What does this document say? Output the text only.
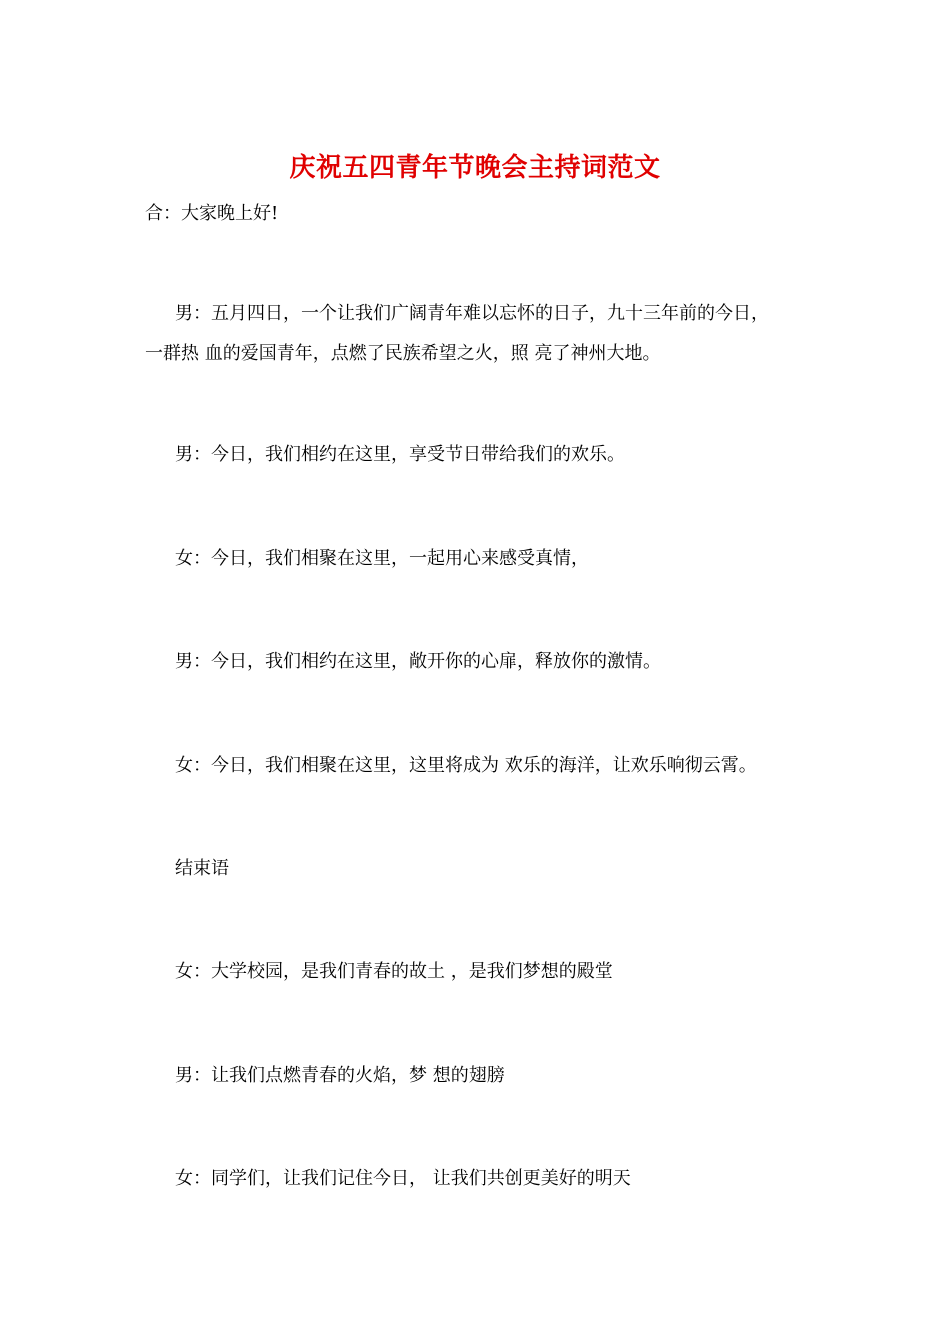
庆祝五四青年节晚会主持词范文
合：大家晚上好!
男：五月四日，一个让我们广阔青年难以忘怀的日子，九十三年前的今日，
一群热 血的爱国青年，点燃了民族希望之火，照 亮了神州大地。
男：今日，我们相约在这里，享受节日带给我们的欢乐。
女：今日，我们相聚在这里，一起用心来感受真情，
男：今日，我们相约在这里，敞开你的心扉，释放你的激情。
女：今日，我们相聚在这里，这里将成为 欢乐的海洋，让欢乐响彻云霄。
结束语
女：大学校园，是我们青春的故土 ，是我们梦想的殿堂
男：让我们点燃青春的火焰，梦 想的翅膀
女：同学们，让我们记住今日， 让我们共创更美好的明天
